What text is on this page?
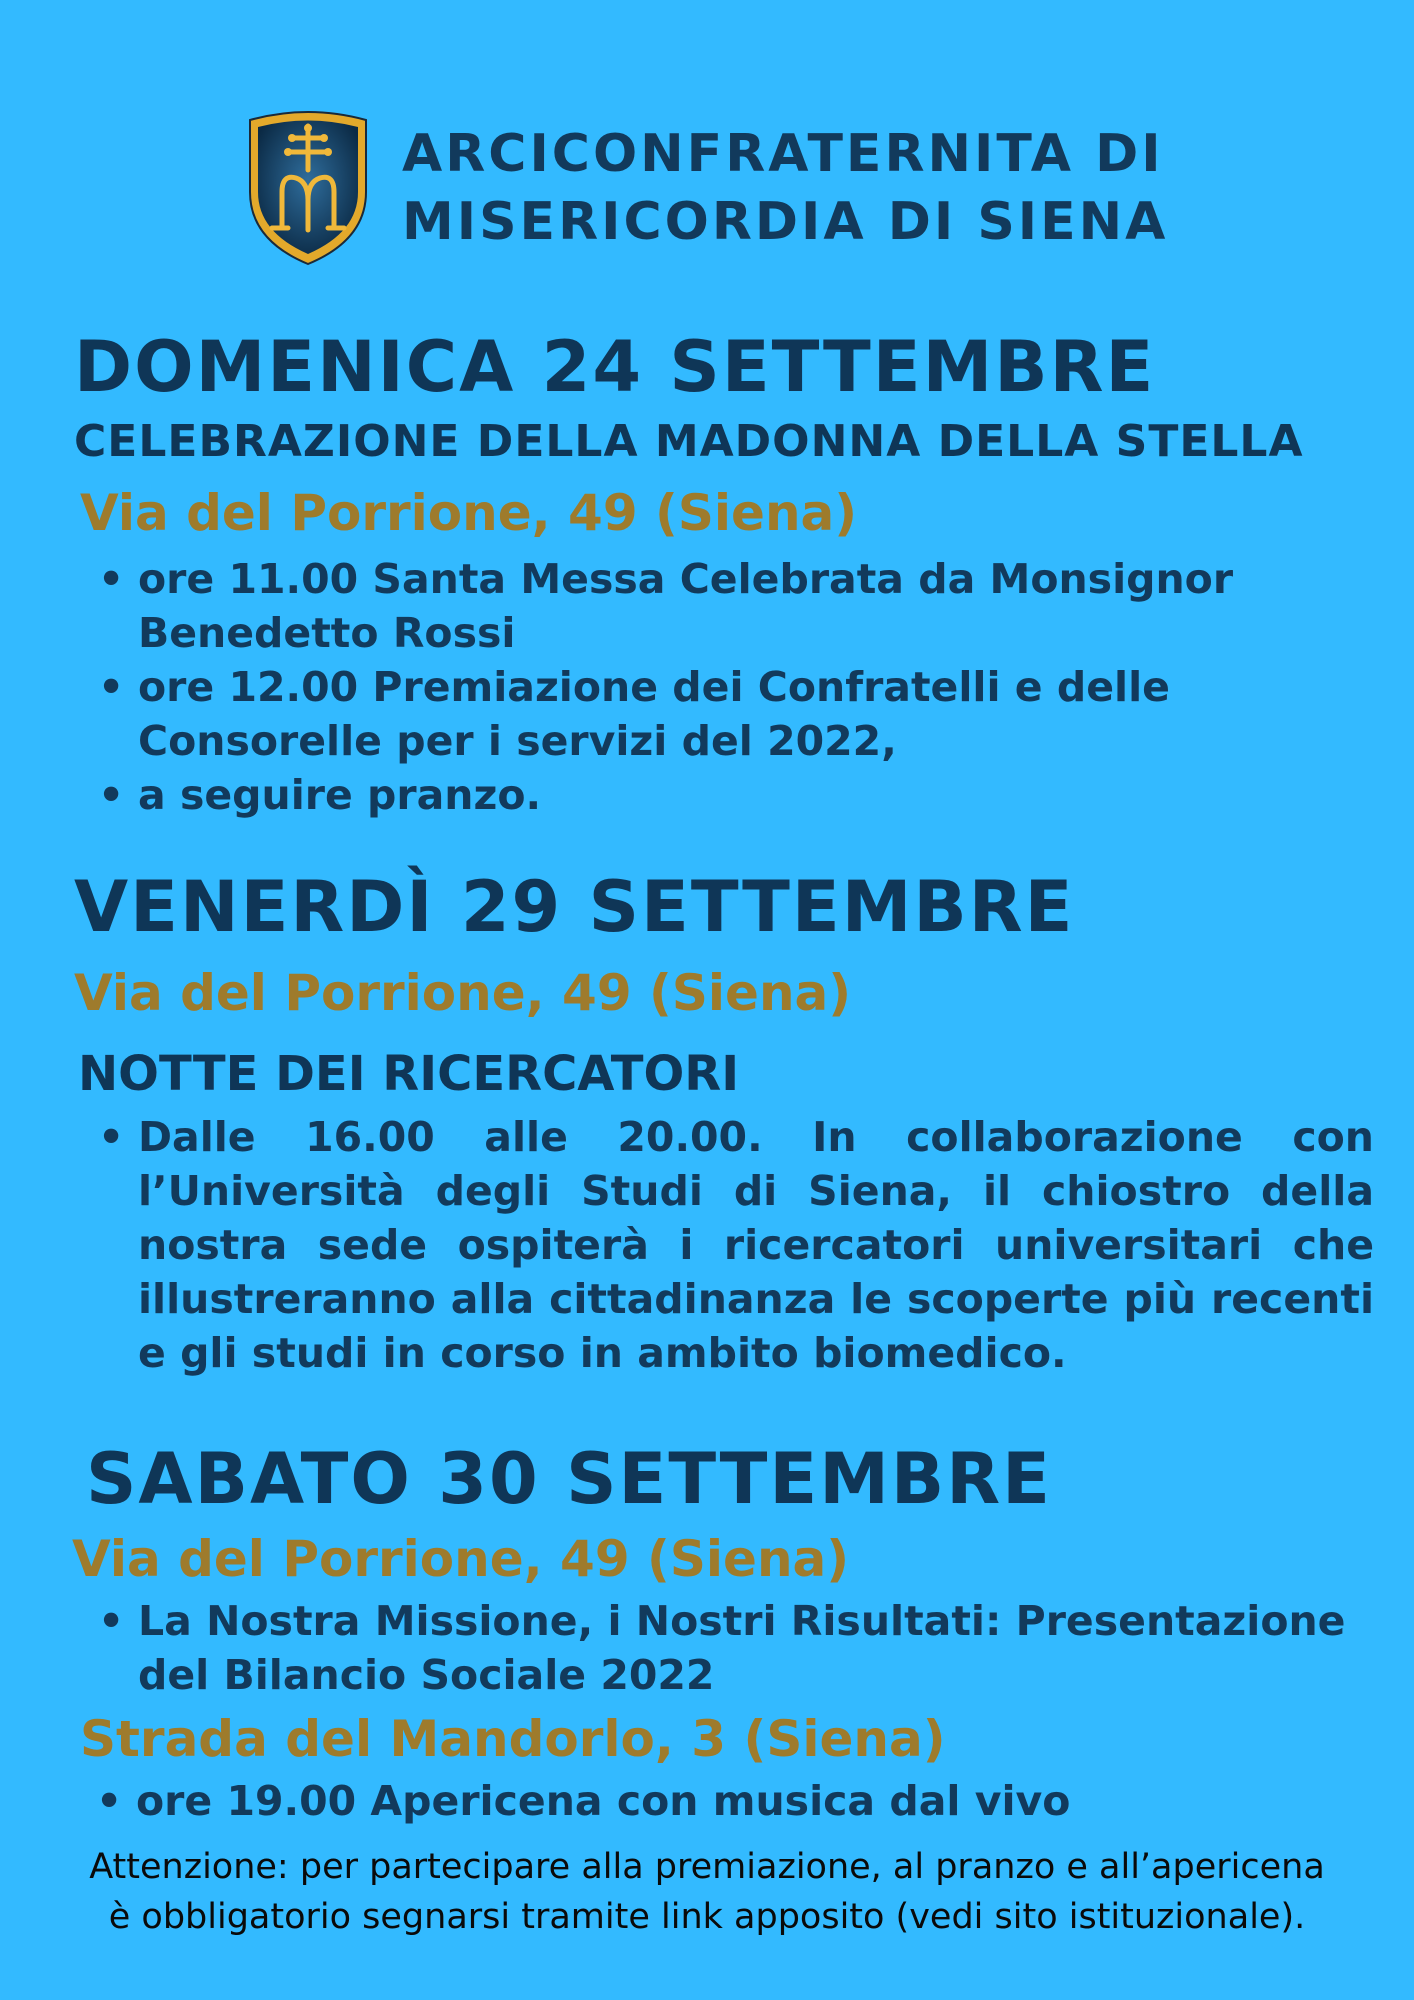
ARCICONFRATERNITA DI
MISERICORDIA DI SIENA
DOMENICA 24 SETTEMBRE
CELEBRAZIONE DELLA MADONNA DELLA STELLA
Via del Porrione, 49 (Siena)
• ore 11.00 Santa Messa Celebrata da Monsignor Benedetto Rossi
• ore 12.00 Premiazione dei Confratelli e delle Consorelle per i servizi del 2022,
• a seguire pranzo.
VENERDÌ 29 SETTEMBRE
Via del Porrione, 49 (Siena)
NOTTE DEI RICERCATORI
• Dalle 16.00 alle 20.00. In collaborazione con l’Università degli Studi di Siena, il chiostro della nostra sede ospiterà i ricercatori universitari che illustreranno alla cittadinanza le scoperte più recenti e gli studi in corso in ambito biomedico.
SABATO 30 SETTEMBRE
Via del Porrione, 49 (Siena)
• La Nostra Missione, i Nostri Risultati: Presentazione del Bilancio Sociale 2022
Strada del Mandorlo, 3 (Siena)
• ore 19.00 Apericena con musica dal vivo
Attenzione: per partecipare alla premiazione, al pranzo e all’apericena
è obbligatorio segnarsi tramite link apposito (vedi sito istituzionale).
